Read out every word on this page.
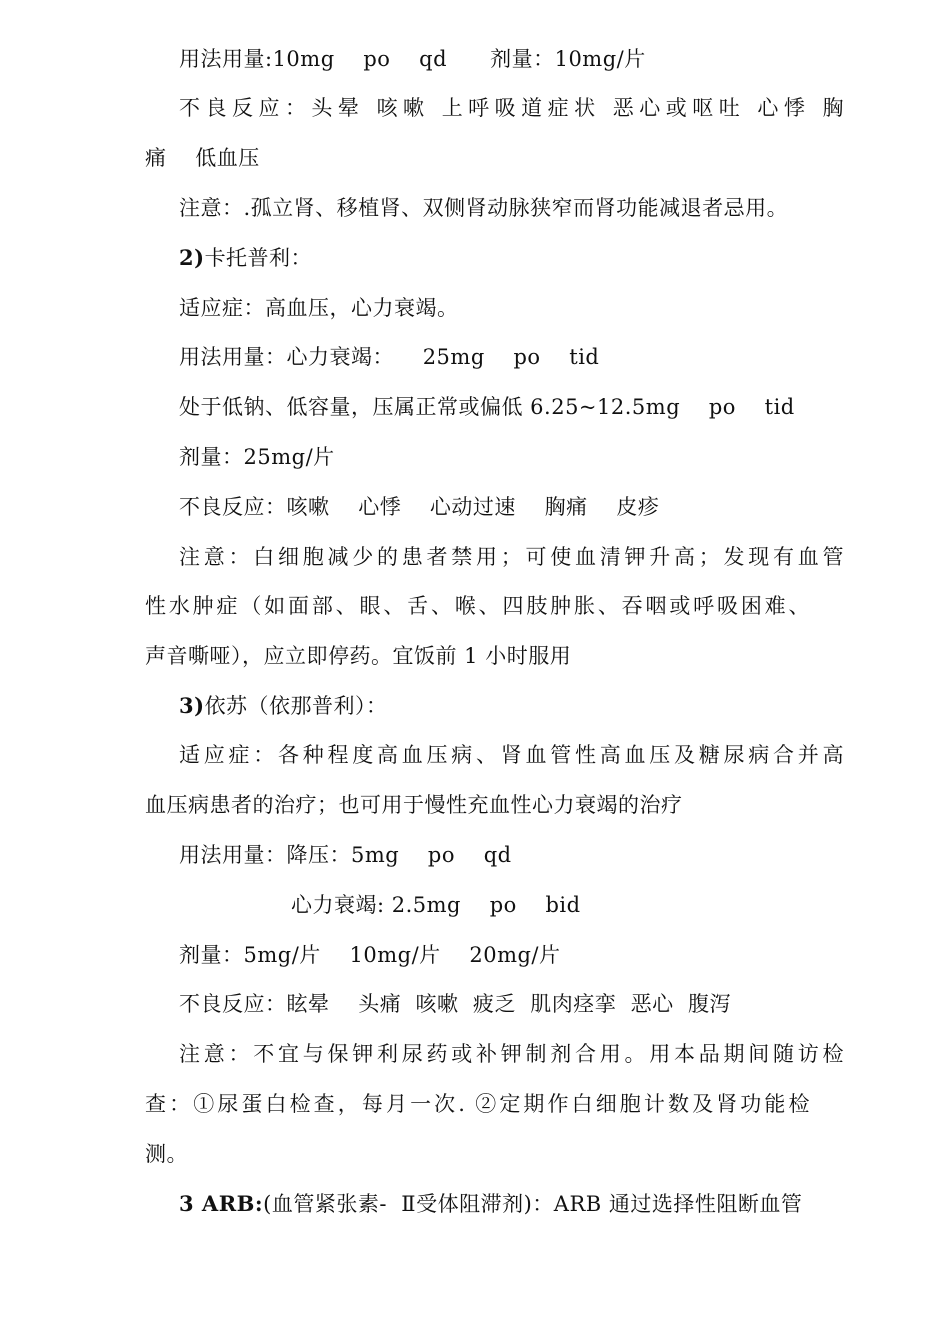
用法用量:10mg    po    qd      剂量：10mg/片
不良反应：头晕 咳嗽 上呼吸道症状 恶心或呕吐 心悸 胸
痛    低血压
注意：.孤立肾、移植肾、双侧肾动脉狭窄而肾功能减退者忌用。
2)卡托普利：
适应症：高血压，心力衰竭。
用法用量：心力衰竭：    25mg    po    tid
处于低钠、低容量，压属正常或偏低 6.25~12.5mg    po    tid
剂量：25mg/片
不良反应：咳嗽    心悸    心动过速    胸痛    皮疹
注意：白细胞减少的患者禁用；可使血清钾升高；发现有血管
性水肿症（如面部、眼、舌、喉、四肢肿胀、吞咽或呼吸困难、
声音嘶哑），应立即停药。宜饭前 1 小时服用
3)依苏（依那普利）：
适应症：各种程度高血压病、肾血管性高血压及糖尿病合并高
血压病患者的治疗；也可用于慢性充血性心力衰竭的治疗
用法用量：降压：5mg    po    qd
心力衰竭: 2.5mg    po    bid
剂量：5mg/片    10mg/片    20mg/片
不良反应：眩晕    头痛  咳嗽  疲乏  肌肉痉挛  恶心  腹泻
注意：不宜与保钾利尿药或补钾制剂合用。用本品期间随访检
查：①尿蛋白检查，每月一次. ②定期作白细胞计数及肾功能检
测。
3 ARB:(血管紧张素-  Ⅱ受体阻滞剂)：ARB 通过选择性阻断血管
